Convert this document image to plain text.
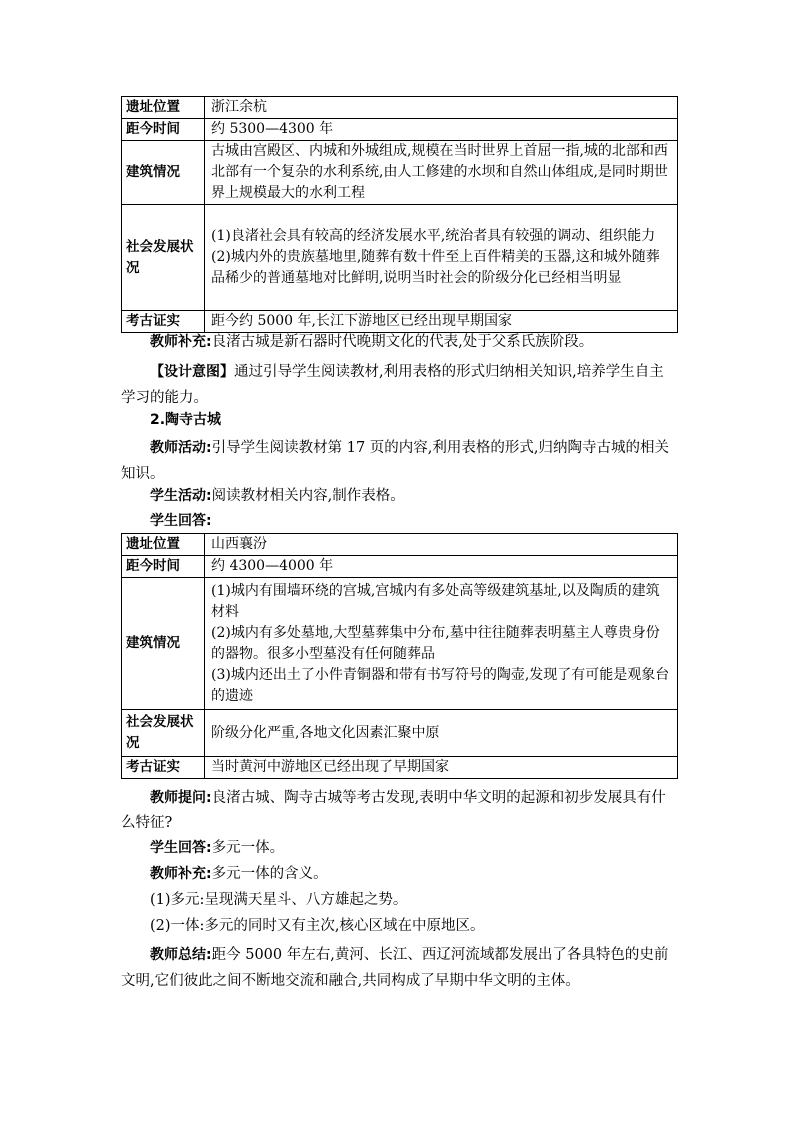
遗址位置	浙江余杭

距今时间	约 5300—4300 年

建筑情况	古城由宫殿区、内城和外城组成,规模在当时世界上首屈一指,城的北部和西北部有一个复杂的水利系统,由人工修建的水坝和自然山体组成,是同时期世界上规模最大的水利工程

社会发展状况	(1)良渚社会具有较高的经济发展水平,统治者具有较强的调动、组织能力

(2)城内外的贵族墓地里,随葬有数十件至上百件精美的玉器,这和城外随葬品稀少的普通墓地对比鲜明,说明当时社会的阶级分化已经相当明显

考古证实	距今约 5000 年,长江下游地区已经出现早期国家

教师补充:良渚古城是新石器时代晚期文化的代表,处于父系氏族阶段。

【设计意图】通过引导学生阅读教材,利用表格的形式归纳相关知识,培养学生自主学习的能力。

2.陶寺古城

教师活动:引导学生阅读教材第 17 页的内容,利用表格的形式,归纳陶寺古城的相关知识。

学生活动:阅读教材相关内容,制作表格。

学生回答:

遗址位置	山西襄汾

距今时间	约 4300—4000 年

建筑情况	(1)城内有围墙环绕的宫城,宫城内有多处高等级建筑基址,以及陶质的建筑材料

(2)城内有多处墓地,大型墓葬集中分布,墓中往往随葬表明墓主人尊贵身份的器物。很多小型墓没有任何随葬品

(3)城内还出土了小件青铜器和带有书写符号的陶壶,发现了有可能是观象台的遗迹

社会发展状况	阶级分化严重,各地文化因素汇聚中原

考古证实	当时黄河中游地区已经出现了早期国家

教师提问:良渚古城、陶寺古城等考古发现,表明中华文明的起源和初步发展具有什么特征?

学生回答:多元一体。

教师补充:多元一体的含义。

(1)多元:呈现满天星斗、八方雄起之势。

(2)一体:多元的同时又有主次,核心区域在中原地区。

教师总结:距今 5000 年左右,黄河、长江、西辽河流域都发展出了各具特色的史前文明,它们彼此之间不断地交流和融合,共同构成了早期中华文明的主体。
